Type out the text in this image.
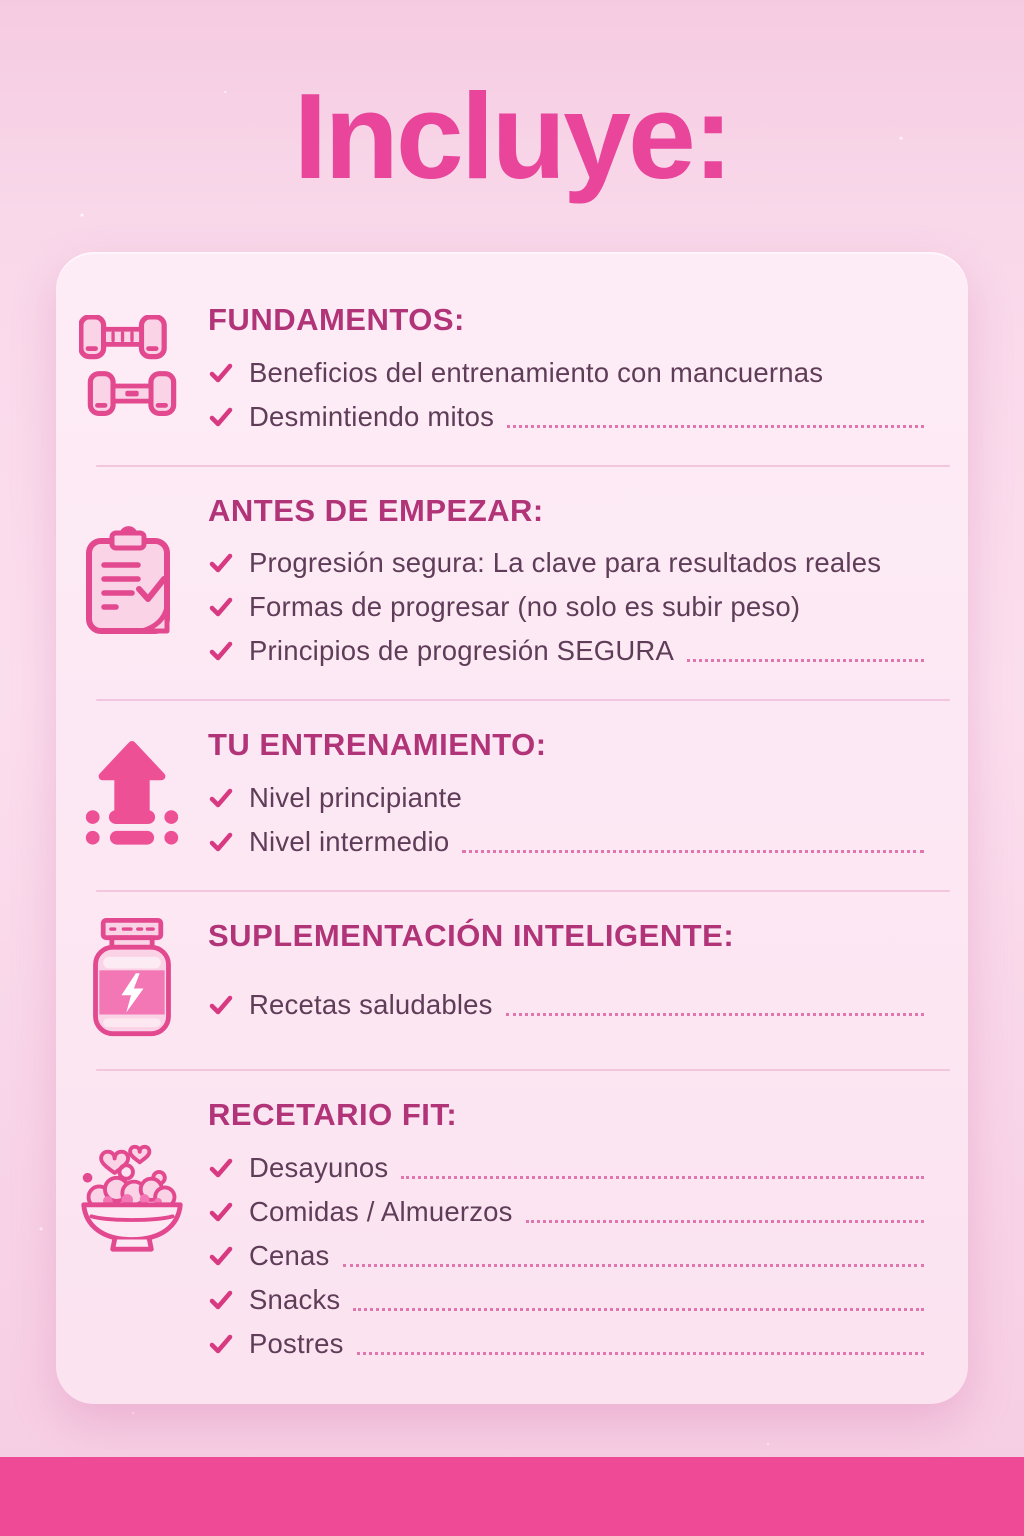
Incluye:
FUNDAMENTOS:
Beneficios del entrenamiento con mancuernas
Desmintiendo mitos
ANTES DE EMPEZAR:
Progresión segura: La clave para resultados reales
Formas de progresar (no solo es subir peso)
Principios de progresión SEGURA
TU ENTRENAMIENTO:
Nivel principiante
Nivel intermedio
SUPLEMENTACIÓN INTELIGENTE:
Recetas saludables
RECETARIO FIT:
Desayunos
Comidas / Almuerzos
Cenas
Snacks
Postres
